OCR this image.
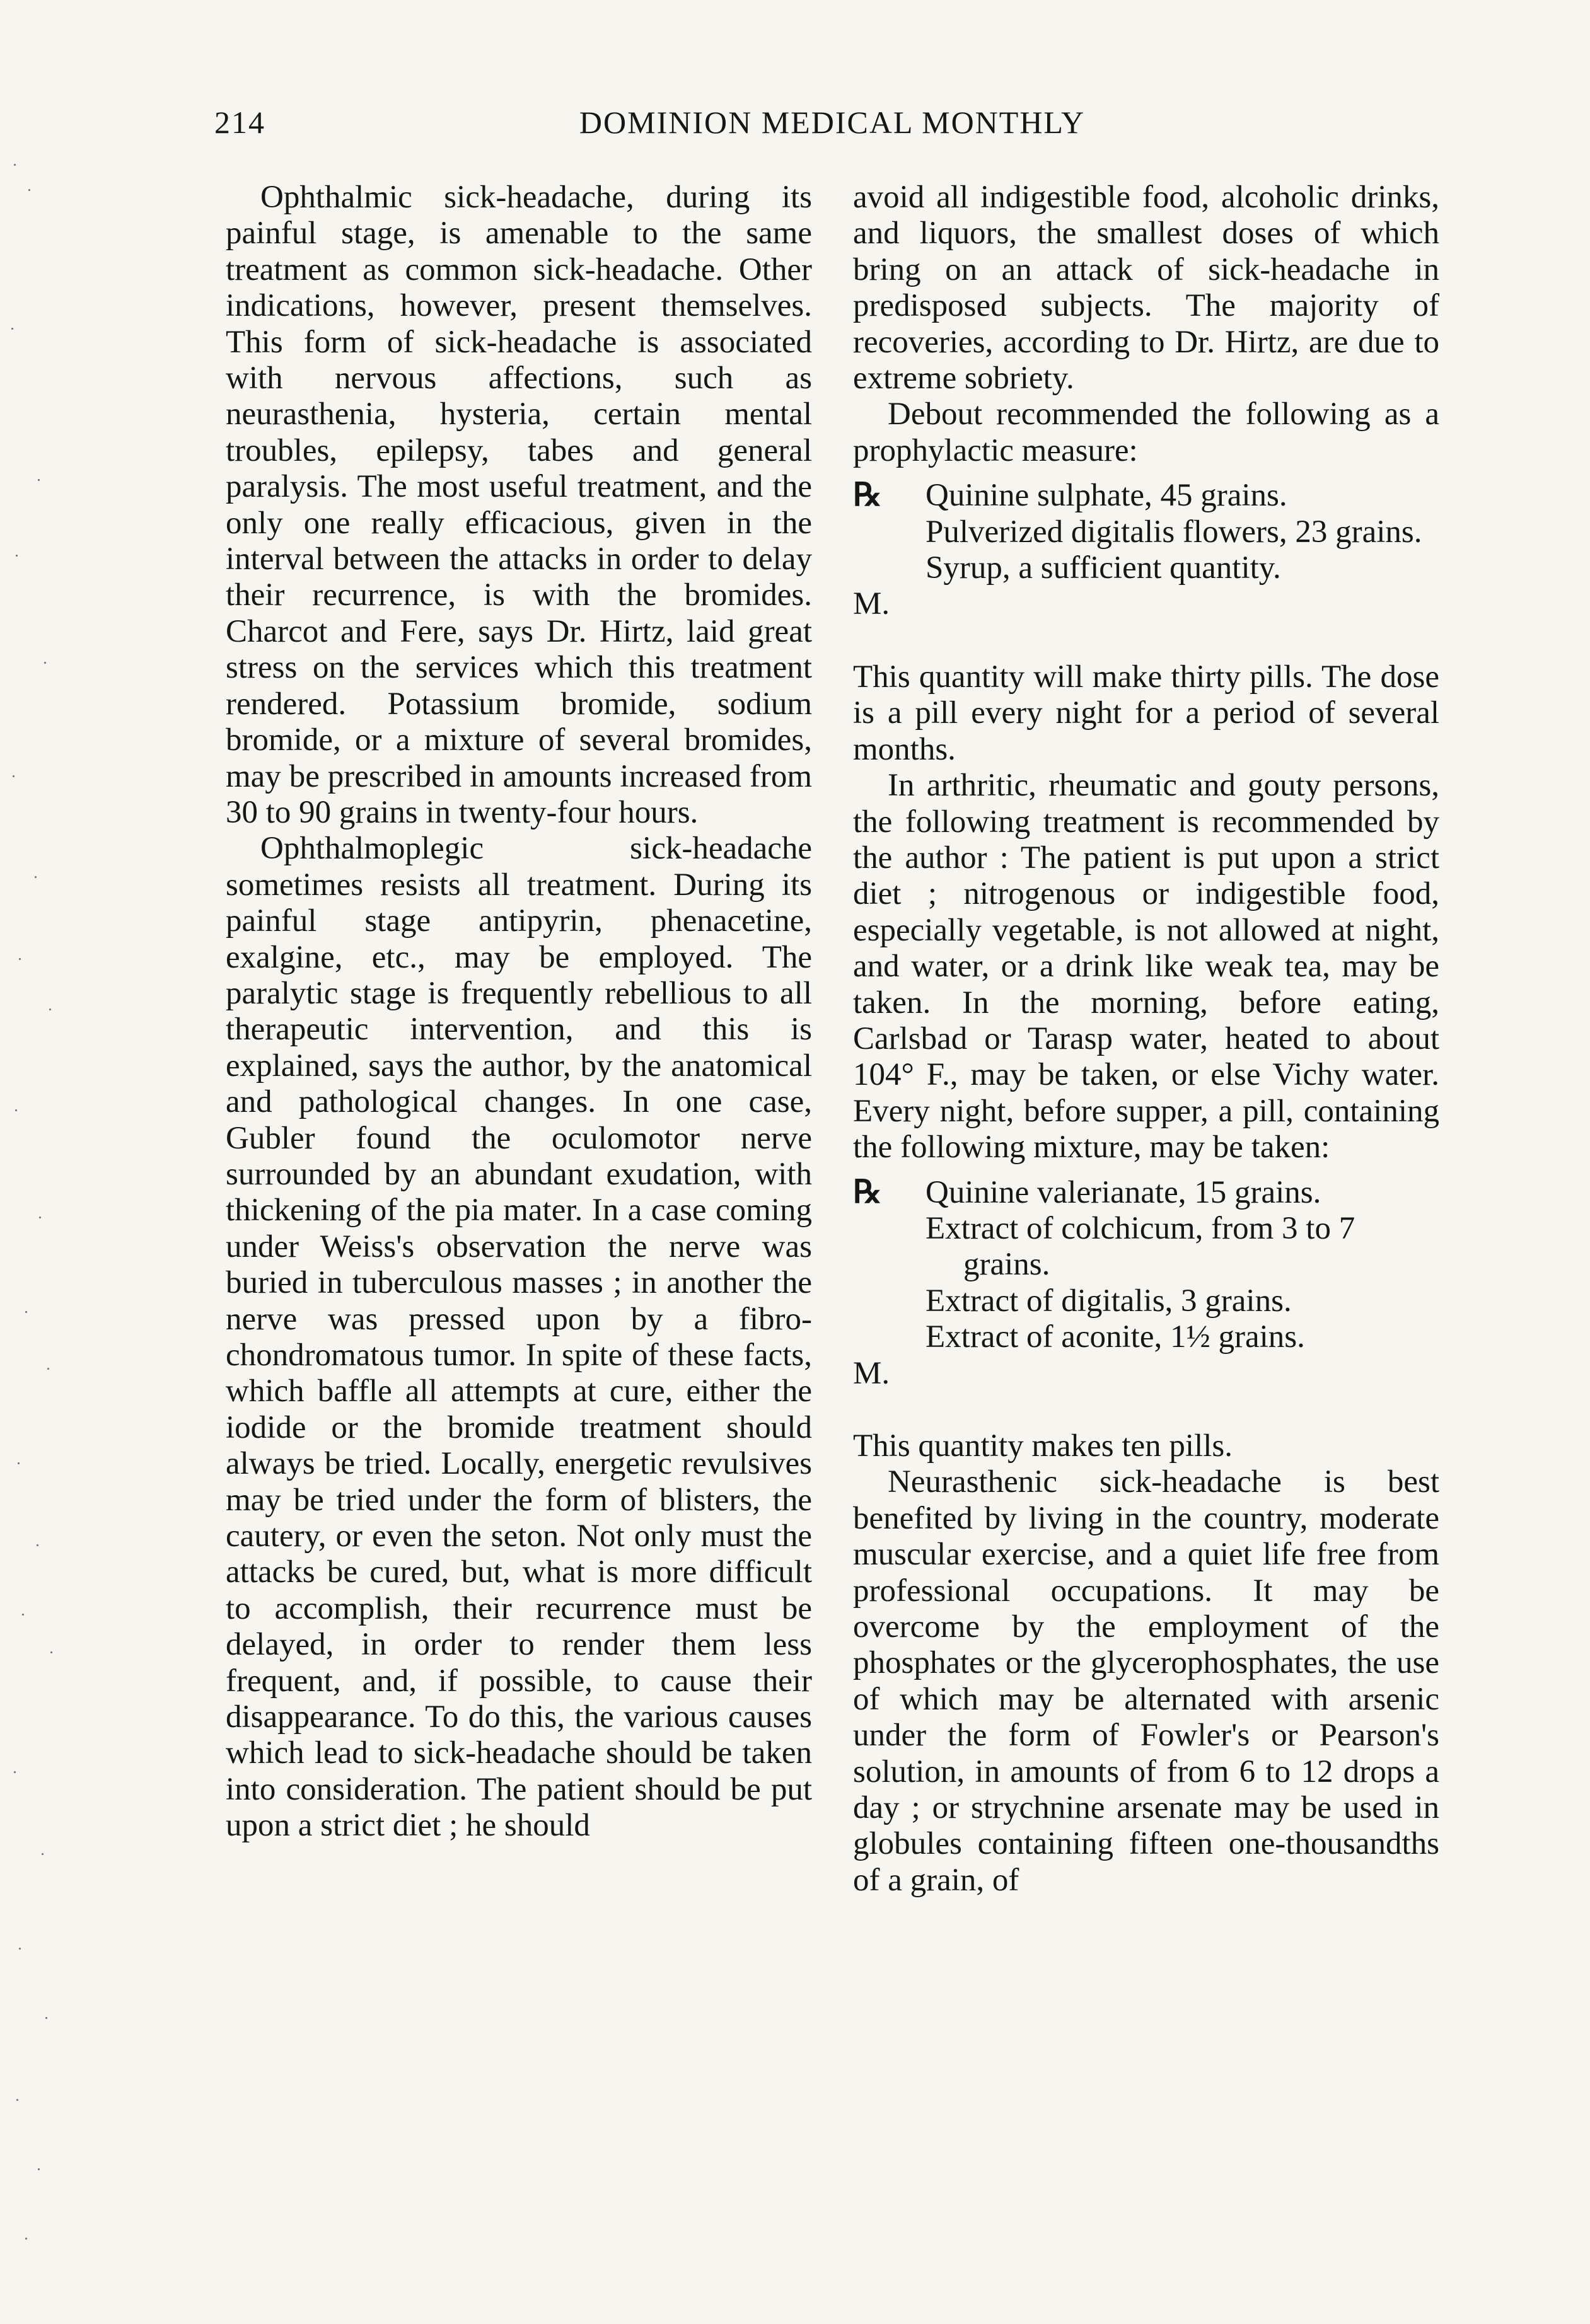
214	DOMINION MEDICAL MONTHLY

Ophthalmic sick-headache, during its painful stage, is amenable to the same treatment as common sick-headache. Other indications, however, present themselves. This form of sick-headache is associated with nervous affections, such as neurasthenia, hysteria, certain mental troubles, epilepsy, tabes and general paralysis. The most useful treatment, and the only one really efficacious, given in the interval between the attacks in order to delay their recurrence, is with the bromides. Charcot and Fere, says Dr. Hirtz, laid great stress on the services which this treatment rendered. Potassium bromide, sodium bromide, or a mixture of several bromides, may be prescribed in amounts increased from 30 to 90 grains in twenty-four hours.

Ophthalmoplegic sick-headache sometimes resists all treatment. During its painful stage antipyrin, phenacetine, exalgine, etc., may be employed. The paralytic stage is frequently rebellious to all therapeutic intervention, and this is explained, says the author, by the anatomical and pathological changes. In one case, Gubler found the oculomotor nerve surrounded by an abundant exudation, with thickening of the pia mater. In a case coming under Weiss's observation the nerve was buried in tuberculous masses ; in another the nerve was pressed upon by a fibro-chondromatous tumor. In spite of these facts, which baffle all attempts at cure, either the iodide or the bromide treatment should always be tried. Locally, energetic revulsives may be tried under the form of blisters, the cautery, or even the seton. Not only must the attacks be cured, but, what is more difficult to accomplish, their recurrence must be delayed, in order to render them less frequent, and, if possible, to cause their disappearance. To do this, the various causes which lead to sick-headache should be taken into consideration. The patient should be put upon a strict diet ; he should

avoid all indigestible food, alcoholic drinks, and liquors, the smallest doses of which bring on an attack of sick-headache in predisposed subjects. The majority of recoveries, according to Dr. Hirtz, are due to extreme sobriety.

Debout recommended the following as a prophylactic measure:

℞ Quinine sulphate, 45 grains.
Pulverized digitalis flowers, 23 grains.
Syrup, a sufficient quantity.

M.

This quantity will make thirty pills. The dose is a pill every night for a period of several months.

In arthritic, rheumatic and gouty persons, the following treatment is recommended by the author : The patient is put upon a strict diet ; nitrogenous or indigestible food, especially vegetable, is not allowed at night, and water, or a drink like weak tea, may be taken. In the morning, before eating, Carlsbad or Tarasp water, heated to about 104° F., may be taken, or else Vichy water. Every night, before supper, a pill, containing the following mixture, may be taken:

℞ Quinine valerianate, 15 grains.
Extract of colchicum, from 3 to 7 grains.
Extract of digitalis, 3 grains.
Extract of aconite, 1½ grains.

M.

This quantity makes ten pills.

Neurasthenic sick-headache is best benefited by living in the country, moderate muscular exercise, and a quiet life free from professional occupations. It may be overcome by the employment of the phosphates or the glycerophosphates, the use of which may be alternated with arsenic under the form of Fowler's or Pearson's solution, in amounts of from 6 to 12 drops a day ; or strychnine arsenate may be used in globules containing fifteen one-thousandths of a grain, of
